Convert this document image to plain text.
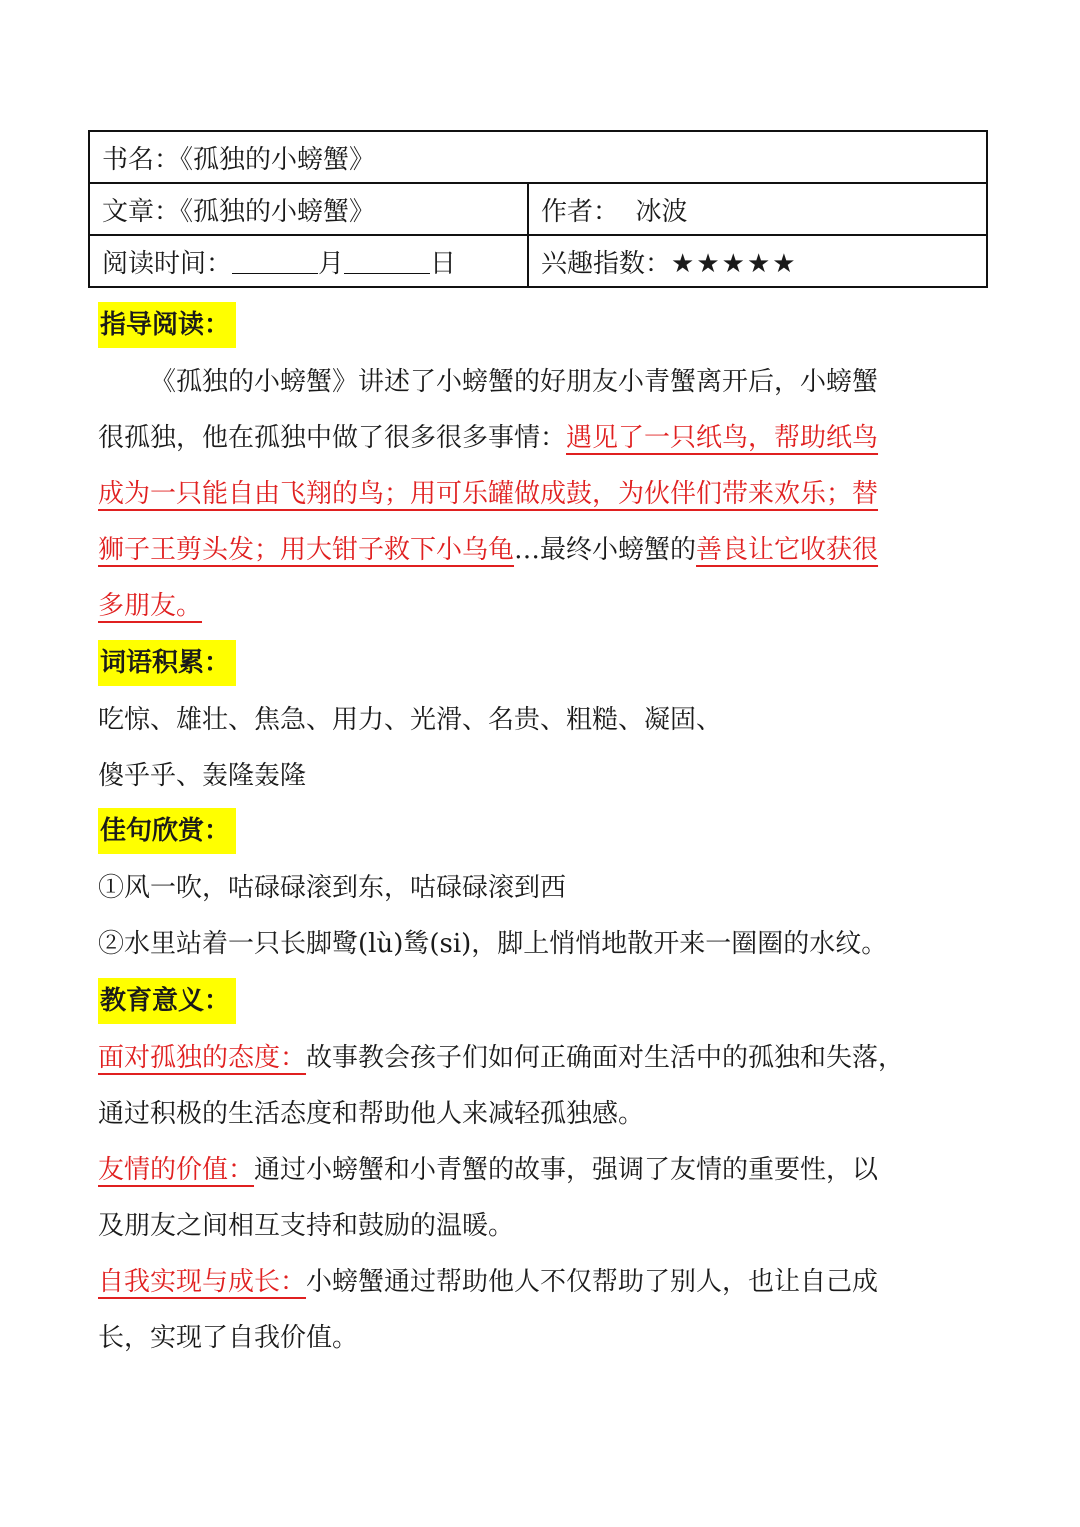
书名：《孤独的小螃蟹》	
文章：《孤独的小螃蟹》	作者： 冰波
阅读时间： 月 日	兴趣指数：★★★★★
指导阅读：
《孤独的小螃蟹》讲述了小螃蟹的好朋友小青蟹离开后，小螃蟹
很孤独，他在孤独中做了很多很多事情：遇见了一只纸鸟，帮助纸鸟
成为一只能自由飞翔的鸟；用可乐罐做成鼓，为伙伴们带来欢乐；替
狮子王剪头发；用大钳子救下小乌龟…最终小螃蟹的善良让它收获很
多朋友。
词语积累：
吃惊、雄壮、焦急、用力、光滑、名贵、粗糙、凝固、
傻乎乎、轰隆轰隆
佳句欣赏：
①风一吹，咕碌碌滚到东，咕碌碌滚到西
②水里站着一只长脚鹭(lù)鸶(si)，脚上悄悄地散开来一圈圈的水纹。
教育意义：
面对孤独的态度：故事教会孩子们如何正确面对生活中的孤独和失落，
通过积极的生活态度和帮助他人来减轻孤独感。
友情的价值：通过小螃蟹和小青蟹的故事，强调了友情的重要性，以
及朋友之间相互支持和鼓励的温暖。
自我实现与成长：小螃蟹通过帮助他人不仅帮助了别人，也让自己成
长，实现了自我价值。
